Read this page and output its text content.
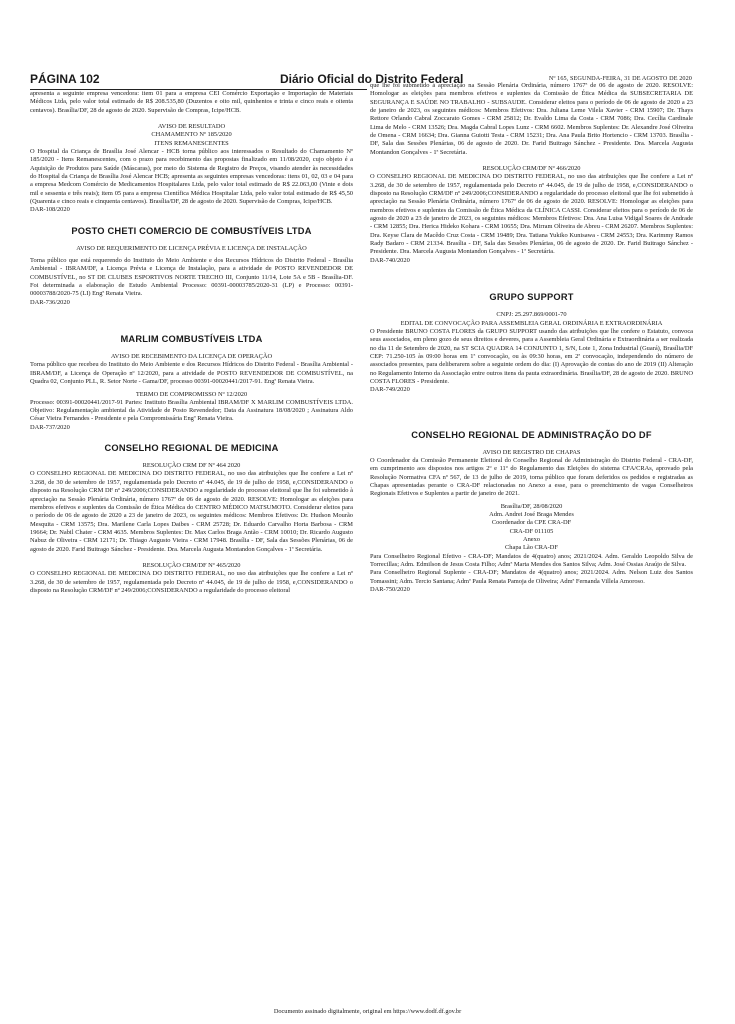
PÁGINA 102	Diário Oficial do Distrito Federal	Nº 165, SEGUNDA-FEIRA, 31 DE AGOSTO DE 2020

apresenta a seguinte empresa vencedora: item 01 para a empresa CEI Comércio Exportação e Importação de Materiais Médicos Ltda, pelo valor total estimado de R$ 208.535,80 (Duzentos e oito mil, quinhentos e trinta e cinco reais e oitenta centavos). Brasília/DF, 28 de agosto de 2020. Supervisão de Compras, Icipe/HCB.

AVISO DE RESULTADO
CHAMAMENTO Nº 185/2020
ITENS REMANESCENTES

O Hospital da Criança de Brasília José Alencar - HCB torna público aos interessados o Resultado do Chamamento Nº 185/2020 - Itens Remanescentes, com o prazo para recebimento das propostas finalizado em 11/08/2020, cujo objeto é a Aquisição de Produtos para Saúde (Máscaras), por meio do Sistema de Registro de Preços, visando atender às necessidades do Hospital da Criança de Brasília José Alencar HCB; apresenta as seguintes empresas vencedoras: itens 01, 02, 03 e 04 para a empresa Medcom Comércio de Medicamentos Hospitalares Ltda, pelo valor total estimado de R$ 22.063,00 (Vinte e dois mil e sessenta e três reais); item 05 para a empresa Científica Médica Hospitalar Ltda, pelo valor total estimado de R$ 45,50 (Quarenta e cinco reais e cinquenta centavos). Brasília/DF, 28 de agosto de 2020. Supervisão de Compras, Icipe/HCB.

DAR-108/2020
POSTO CHETI COMERCIO DE COMBUSTÍVEIS LTDA
AVISO DE REQUERIMENTO DE LICENÇA PRÉVIA E LICENÇA DE INSTALAÇÃO

Torna público que está requerendo do Instituto do Meio Ambiente e dos Recursos Hídricos do Distrito Federal - Brasília Ambiental - IBRAM/DF, a Licença Prévia e Licença de Instalação, para a atividade de POSTO REVENDEDOR DE COMBUSTÍVEL, no ST DE CLUBES ESPORTIVOS NORTE TRECHO III, Conjunto 11/14, Lote 5A e 5B - Brasília-DF. Foi determinada a elaboração de Estudo Ambiental Processo: 00391-00003785/2020-31 (LP) e Processo: 00391-00003788/2020-75 (LI) Engª Renata Vieira.

DAR-736/2020
MARLIM COMBUSTÍVEIS LTDA
AVISO DE RECEBIMENTO DA LICENÇA DE OPERAÇÃO

Torna público que recebeu do Instituto do Meio Ambiente e dos Recursos Hídricos do Distrito Federal - Brasília Ambiental - IBRAM/DF, a Licença de Operação nº 12/2020, para a atividade de POSTO REVENDEDOR DE COMBUSTÍVEL, na Quadra 02, Conjunto PLL, R. Setor Norte - Gama/DF, processo 00391-00020441/2017-91. Engª Renata Vieira.

TERMO DE COMPROMISSO Nº 12/2020

Processo: 00391-00020441/2017-91 Partes: Instituto Brasília Ambiental IBRAM/DF X MARLIM COMBUSTÍVEIS LTDA. Objetivo: Regulamentação ambiental da Atividade de Posto Revendedor; Data da Assinatura 18/08/2020 ; Assinatura Aldo César Vieira Fernandes - Presidente e pela Compromissária Engª Renata Vieira.

DAR-737/2020
CONSELHO REGIONAL DE MEDICINA
RESOLUÇÃO CRM DF Nº 464 2020

O CONSELHO REGIONAL DE MEDICINA DO DISTRITO FEDERAL, no uso das atribuições que lhe confere a Lei nº 3.268, de 30 de setembro de 1957, regulamentada pelo Decreto nº 44.045, de 19 de julho de 1958, e,CONSIDERANDO o disposto na Resolução CRM DF nº 249/2006;CONSIDERANDO a regularidade do processo eleitoral que lhe foi submetido à apreciação na Sessão Plenária Ordinária, número 1767ª de 06 de agosto de 2020. RESOLVE: Homologar as eleições para membros efetivos e suplentes da Comissão de Ética Médica do CENTRO MÉDICO MATSUMOTO. Considerar eleitos para o período de 06 de agosto de 2020 a 23 de janeiro de 2023, os seguintes médicos: Membros Efetivos: Dr. Hudson Mourão Mesquita - CRM 13575; Dra. Marilene Carla Lopes Daibes - CRM 25728; Dr. Eduardo Carvalho Horta Barbosa - CRM 19664; Dr. Nabil Chater - CRM 4635. Membros Suplentes: Dr. Max Carlos Braga Antão - CRM 10010; Dr. Ricardo Augusto Nabuz de Oliveira - CRM 12171; Dr. Thiago Augusto Vieira - CRM 17948. Brasília - DF, Sala das Sessões Plenárias, 06 de agosto de 2020. Farid Buitrago Sánchez - Presidente. Dra. Marcela Augusta Montandon Gonçalves - 1ª Secretária.

RESOLUÇÃO CRM/DF Nº 465/2020

O CONSELHO REGIONAL DE MEDICINA DO DISTRITO FEDERAL, no uso das atribuições que lhe confere a Lei nº 3.268, de 30 de setembro de 1957, regulamentada pelo Decreto nº 44.045, de 19 de julho de 1958, e,CONSIDERANDO o disposto na Resolução CRM/DF nº 249/2006;CONSIDERANDO a regularidade do processo eleitoral

que lhe foi submetido à apreciação na Sessão Plenária Ordinária, número 1767ª de 06 de agosto de 2020. RESOLVE: Homologar as eleições para membros efetivos e suplentes da Comissão de Ética Médica da SUBSECRETARIA DE SEGURANÇA E SAÚDE NO TRABALHO - SUBSAUDE. Considerar eleitos para o período de 06 de agosto de 2020 a 23 de janeiro de 2023, os seguintes médicos: Membros Efetivos: Dra. Juliana Leme Vilela Xavier - CRM 15907; Dr. Thays Rettore Orlando Cabral Zoccarato Gomes - CRM 25812; Dr. Evaldo Lima da Costa - CRM 7086; Dra. Cecília Cardinale Lima de Melo - CRM 13526; Dra. Magda Cabral Lopes Lunz - CRM 6602. Membros Suplentes: Dr. Alexandre José Oliveira de Omena - CRM 16634; Dra. Gianna Guiotti Testa - CRM 15231; Dra. Ana Paula Brito Hortencio - CRM 13703. Brasília - DF, Sala das Sessões Plenárias, 06 de agosto de 2020. Dr. Farid Buitrago Sánchez - Presidente. Dra. Marcela Augusta Montandon Gonçalves - 1ª Secretária.

RESOLUÇÃO CRM/DF Nº 466/2020

O CONSELHO REGIONAL DE MEDICINA DO DISTRITO FEDERAL, no uso das atribuições que lhe confere a Lei nº 3.268, de 30 de setembro de 1957, regulamentada pelo Decreto nº 44.045, de 19 de julho de 1958, e,CONSIDERANDO o disposto na Resolução CRM/DF nº 249/2006;CONSIDERANDO a regularidade do processo eleitoral que lhe foi submetido à apreciação na Sessão Plenária Ordinária, número 1767ª de 06 de agosto de 2020. RESOLVE: Homologar as eleições para membros efetivos e suplentes da Comissão de Ética Médica da CLÍNICA CASSI. Considerar eleitos para o período de 06 de agosto de 2020 a 23 de janeiro de 2023, os seguintes médicos: Membros Efetivos: Dra. Ana Luisa Vidigal Soares de Andrade - CRM 12855; Dra. Herica Hideko Kohara - CRM 10655; Dra. Mirram Oliveira de Abreu - CRM 26207. Membros Suplentes: Dra. Keyse Clara de Macêdo Cruz Costa - CRM 19489; Dra. Tatiana Yukiko Kunisawa - CRM 24553; Dra. Karimmy Ramos Rady Badaro - CRM 21334. Brasília - DF, Sala das Sessões Plenárias, 06 de agosto de 2020. Dr. Farid Buitrago Sánchez - Presidente. Dra. Marcela Augusta Montandon Gonçalves - 1ª Secretária.

DAR-740/2020
GRUPO SUPPORT
CNPJ: 25.297.869/0001-70
EDITAL DE CONVOCAÇÃO PARA ASSEMBLEIA GERAL ORDINÁRIA E EXTRAORDINÁRIA

O Presidente BRUNO COSTA FLORES da GRUPO SUPPORT usando das atribuições que lhe confere o Estatuto, convoca seus associados, em pleno gozo de seus direitos e deveres, para a Assembleia Geral Ordinária e Extraordinária a ser realizada no dia 11 de Setembro de 2020, na ST SCIA QUADRA 14 CONJUNTO 1, S/N, Lote 1, Zona Industrial (Guará), Brasília/DF CEP: 71.250-105 às 09:00 horas em 1ª convocação, ou às 09:30 horas, em 2ª convocação, independendo do número de associados presentes, para deliberarem sobre a seguinte ordem do dia: (I) Aprovação de contas do ano de 2019 (II) Alteração no Regulamento Interno da Associação entre outros itens da pauta extraordinária. Brasília/DF, 28 de agosto de 2020. BRUNO COSTA FLORES - Presidente.

DAR-749/2020
CONSELHO REGIONAL DE ADMINISTRAÇÃO DO DF
AVISO DE REGISTRO DE CHAPAS

O Coordenador da Comissão Permanente Eleitoral do Conselho Regional de Administração do Distrito Federal - CRA-DF, em cumprimento aos dispostos nos artigos 2º e 11º do Regulamento das Eleições do sistema CFA/CRAs, aprovado pela Resolução Normativa CFA nº 567, de 13 de julho de 2019, torna público que foram deferidos os pedidos e registradas as Chapas apresentadas perante o CRA-DF relacionadas no Anexo a esse, para o preenchimento de vagas Conselheiros Regionais Efetivos e Suplentes a partir de janeiro de 2021.

Brasília/DF, 28/08/2020
Adm. Andrei José Braga Mendes
Coordenador da CPE CRA-DF
CRA-DF 011105
Anexo
Chapa Lão CRA-DF

Para Conselheiro Regional Efetivo - CRA-DF; Mandatos de 4(quatro) anos; 2021/2024. Adm. Geraldo Leopoldo Silva de Torrecillas; Adm. Edmilson de Jesus Costa Filho; Admª Marta Mendes dos Santos Silva; Adm. José Ossias Araújo de Silva.

Para Conselheiro Regional Suplente - CRA-DF; Mandatos de 4(quatro) anos; 2021/2024. Adm. Nelson Luiz dos Santos Tomassini; Adm. Tercio Santana; Admª Paula Renata Pamoja de Oliveira; Admª Fernanda Villela Amoroso.

DAR-750/2020
Documento assinado digitalmente, original em https://www.dodf.df.gov.br
